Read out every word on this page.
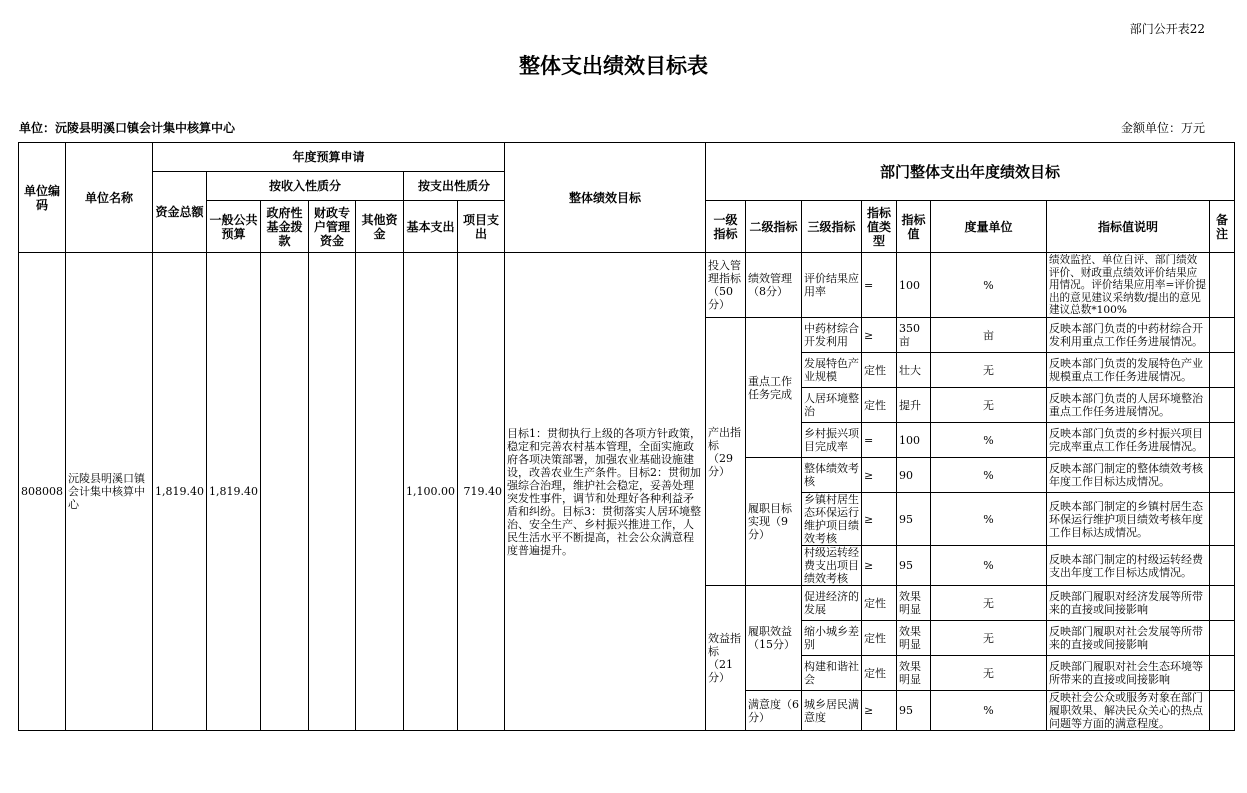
部门公开表22
整体支出绩效目标表
单位：沅陵县明溪口镇会计集中核算中心	金额单位：万元
单位编码	单位名称	年度预算申请							整体绩效目标	部门整体支出年度绩效目标							
		资金总额	按收入性质分				按支出性质分										
			一般公共预算	政府性基金拨款	财政专户管理资金	其他资金	基本支出	项目支出		一级指标	二级指标	三级指标	指标值类型	指标值	度量单位	指标值说明	备注
808008	沅陵县明溪口镇会计集中核算中心	1,819.40	1,819.40				1,100.00	719.40	目标1：贯彻执行上级的各项方针政策，稳定和完善农村基本管理，全面实施政府各项决策部署，加强农业基础设施建设，改善农业生产条件。目标2：贯彻加强综合治理，维护社会稳定，妥善处理突发性事件，调节和处理好各种利益矛盾和纠纷。目标3：贯彻落实人居环境整治、安全生产、乡村振兴推进工作，人民生活水平不断提高，社会公众满意程度普遍提升。	投入管理指标（50分）	绩效管理（8分）	评价结果应用率	=	100	%	绩效监控、单位自评、部门绩效评价、财政重点绩效评价结果应用情况。评价结果应用率=评价提出的意见建议采纳数/提出的意见建议总数*100%	

										产出指标（29分）	重点工作任务完成	中药材综合开发利用	≥	350亩	亩	反映本部门负责的中药材综合开发利用重点工作任务进展情况。	
												发展特色产业规模	定性	壮大	无	反映本部门负责的发展特色产业规模重点工作任务进展情况。	
												人居环境整治	定性	提升	无	反映本部门负责的人居环境整治重点工作任务进展情况。	
												乡村振兴项目完成率	=	100	%	反映本部门负责的乡村振兴项目完成率重点工作任务进展情况。	
											履职目标实现（9分）	整体绩效考核	≥	90	%	反映本部门制定的整体绩效考核年度工作目标达成情况。	
												乡镇村居生态环保运行维护项目绩效考核	≥	95	%	反映本部门制定的乡镇村居生态环保运行维护项目绩效考核年度工作目标达成情况。	
												村级运转经费支出项目绩效考核	≥	95	%	反映本部门制定的村级运转经费支出年度工作目标达成情况。	
										效益指标（21分）	履职效益（15分）	促进经济的发展	定性	效果明显	无	反映部门履职对经济发展等所带来的直接或间接影响	
												缩小城乡差别	定性	效果明显	无	反映部门履职对社会发展等所带来的直接或间接影响	
												构建和谐社会	定性	效果明显	无	反映部门履职对社会生态环境等所带来的直接或间接影响	
											满意度（6分）	城乡居民满意度	≥	95	%	反映社会公众或服务对象在部门履职效果、解决民众关心的热点问题等方面的满意程度。	
